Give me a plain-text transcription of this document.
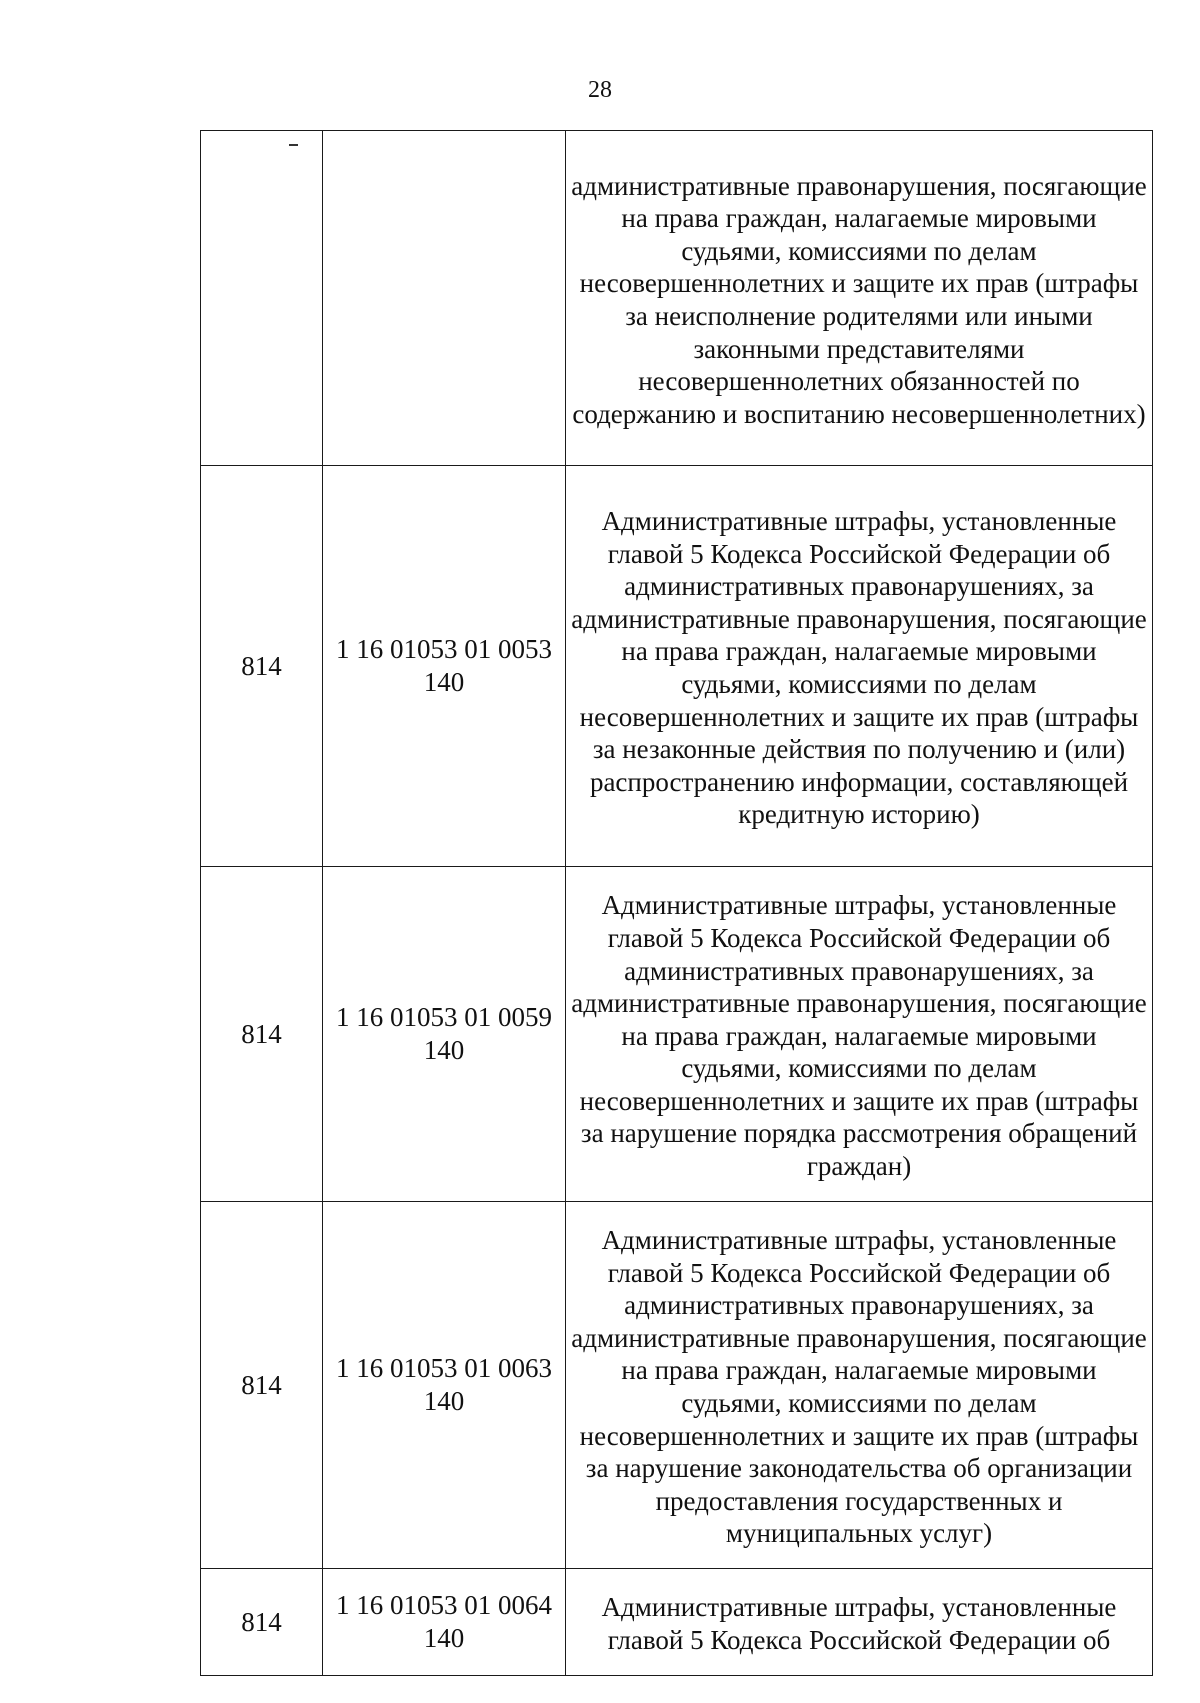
28

		административные правонарушения, посягающие на права граждан, налагаемые мировыми судьями, комиссиями по делам несовершеннолетних и защите их прав (штрафы за неисполнение родителями или иными законными представителями несовершеннолетних обязанностей по содержанию и воспитанию несовершеннолетних)

814	1 16 01053 01 0053 140	Административные штрафы, установленные главой 5 Кодекса Российской Федерации об административных правонарушениях, за административные правонарушения, посягающие на права граждан, налагаемые мировыми судьями, комиссиями по делам несовершеннолетних и защите их прав (штрафы за незаконные действия по получению и (или) распространению информации, составляющей кредитную историю)

814	1 16 01053 01 0059 140	Административные штрафы, установленные главой 5 Кодекса Российской Федерации об административных правонарушениях, за административные правонарушения, посягающие на права граждан, налагаемые мировыми судьями, комиссиями по делам несовершеннолетних и защите их прав (штрафы за нарушение порядка рассмотрения обращений граждан)

814	1 16 01053 01 0063 140	Административные штрафы, установленные главой 5 Кодекса Российской Федерации об административных правонарушениях, за административные правонарушения, посягающие на права граждан, налагаемые мировыми судьями, комиссиями по делам несовершеннолетних и защите их прав (штрафы за нарушение законодательства об организации предоставления государственных и муниципальных услуг)

814	1 16 01053 01 0064 140	Административные штрафы, установленные главой 5 Кодекса Российской Федерации об
